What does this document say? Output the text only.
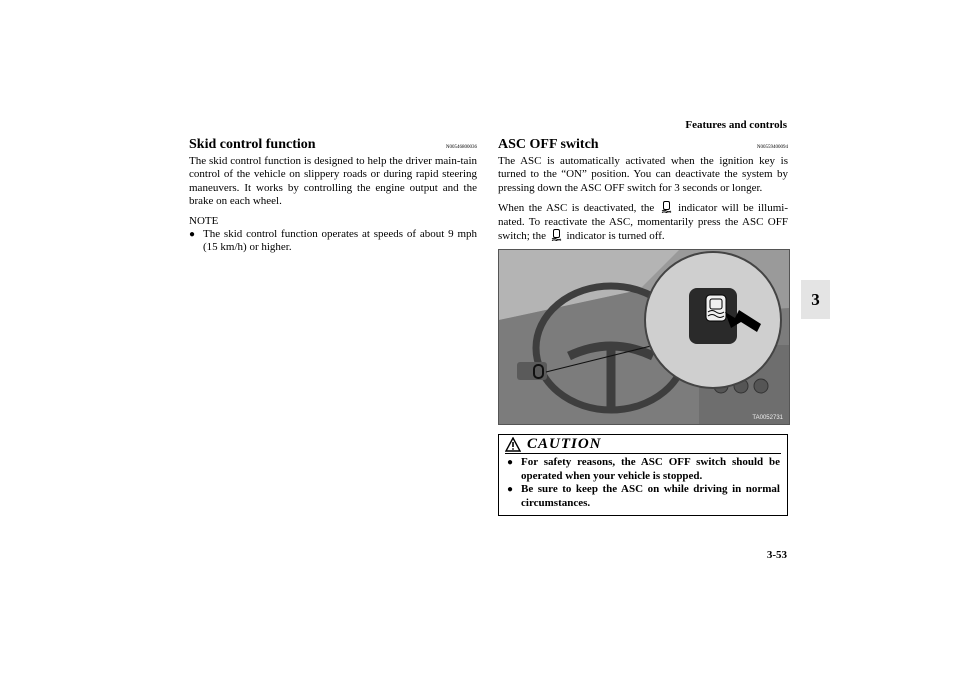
Features and controls
3
3-53
Skid control function	N00546800036

The skid control function is designed to help the driver main-tain control of the vehicle on slippery roads or during rapid steering maneuvers. It works by controlling the engine output and the brake on each wheel.

NOTE
● The skid control function operates at speeds of about 9 mph (15 km/h) or higher.
ASC OFF switch	N00559400094

The ASC is automatically activated when the ignition key is turned to the “ON” position. You can deactivate the system by pressing down the ASC OFF switch for 3 seconds or longer.

When the ASC is deactivated, the indicator will be illumi-nated. To reactivate the ASC, momentarily press the ASC OFF switch; the indicator is turned off.

TA0052731
CAUTION
● For safety reasons, the ASC OFF switch should be operated when your vehicle is stopped.
● Be sure to keep the ASC on while driving in normal circumstances.
